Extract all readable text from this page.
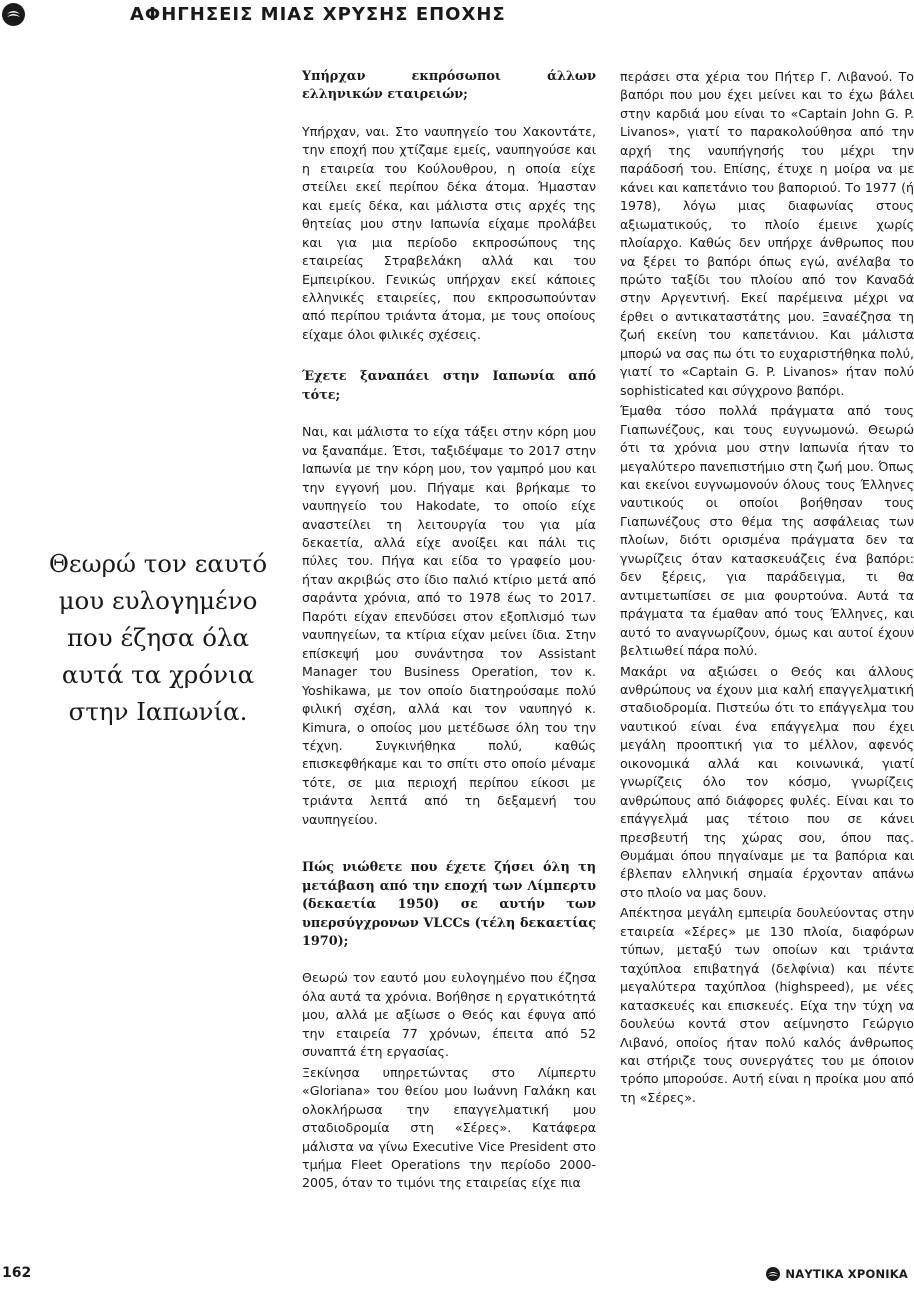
ΑΦΗΓΗΣΕΙΣ ΜΙΑΣ ΧΡΥΣΗΣ ΕΠΟΧΗΣ
Θεωρώ τον εαυτό μου ευλογημένο που έζησα όλα αυτά τα χρόνια στην Ιαπωνία.

Υπήρχαν εκπρόσωποι άλλων ελληνικών εταιρειών;

Υπήρχαν, ναι. Στο ναυπηγείο του Χακοντάτε, την εποχή που χτίζαμε εμείς, ναυπηγούσε και η εταιρεία του Κούλουθρου, η οποία είχε στείλει εκεί περίπου δέκα άτομα. Ήμασταν και εμείς δέκα, και μάλιστα στις αρχές της θητείας μου στην Ιαπωνία είχαμε προλάβει και για μια περίοδο εκπροσώπους της εταιρείας Στραβελάκη αλλά και του Εμπειρίκου. Γενικώς υπήρχαν εκεί κάποιες ελληνικές εταιρείες, που εκπροσωπούνταν από περίπου τριάντα άτομα, με τους οποίους είχαμε όλοι φιλικές σχέσεις.

Έχετε ξαναπάει στην Ιαπωνία από τότε;

Ναι, και μάλιστα το είχα τάξει στην κόρη μου να ξαναπάμε. Έτσι, ταξιδέψαμε το 2017 στην Ιαπωνία με την κόρη μου, τον γαμπρό μου και την εγγονή μου. Πήγαμε και βρήκαμε το ναυπηγείο του Hakodate, το οποίο είχε αναστείλει τη λειτουργία του για μία δεκαετία, αλλά είχε ανοίξει και πάλι τις πύλες του. Πήγα και είδα το γραφείο μου· ήταν ακριβώς στο ίδιο παλιό κτίριο μετά από σαράντα χρόνια, από το 1978 έως το 2017. Παρότι είχαν επενδύσει στον εξοπλισμό των ναυπηγείων, τα κτίρια είχαν μείνει ίδια. Στην επίσκεψή μου συνάντησα τον Assistant Manager του Business Operation, τον κ. Yoshikawa, με τον οποίο διατηρούσαμε πολύ φιλική σχέση, αλλά και τον ναυπηγό κ. Kimura, ο οποίος μου μετέδωσε όλη του την τέχνη. Συγκινήθηκα πολύ, καθώς επισκεφθήκαμε και το σπίτι στο οποίο μέναμε τότε, σε μια περιοχή περίπου είκοσι με τριάντα λεπτά από τη δεξαμενή του ναυπηγείου.

Πώς νιώθετε που έχετε ζήσει όλη τη μετάβαση από την εποχή των Λίμπερτυ (δεκαετία 1950) σε αυτήν των υπερσύγχρονων VLCCs (τέλη δεκαετίας 1970);

Θεωρώ τον εαυτό μου ευλογημένο που έζησα όλα αυτά τα χρόνια. Βοήθησε η εργατικότητά μου, αλλά με αξίωσε ο Θεός και έφυγα από την εταιρεία 77 χρόνων, έπειτα από 52 συναπτά έτη εργασίας.

Ξεκίνησα υπηρετώντας στο Λίμπερτυ «Gloriana» του θείου μου Ιωάννη Γαλάκη και ολοκλήρωσα την επαγγελματική μου σταδιοδρομία στη «Σέρες». Κατάφερα μάλιστα να γίνω Executive Vice President στο τμήμα Fleet Operations την περίοδο 2000-2005, όταν το τιμόνι της εταιρείας είχε πια

περάσει στα χέρια του Πήτερ Γ. Λιβανού. Το βαπόρι που μου έχει μείνει και το έχω βάλει στην καρδιά μου είναι το «Captain John G. P. Livanos», γιατί το παρακολούθησα από την αρχή της ναυπήγησής του μέχρι την παράδοσή του. Επίσης, έτυχε η μοίρα να με κάνει και καπετάνιο του βαποριού. Το 1977 (ή 1978), λόγω μιας διαφωνίας στους αξιωματικούς, το πλοίο έμεινε χωρίς πλοίαρχο. Καθώς δεν υπήρχε άνθρωπος που να ξέρει το βαπόρι όπως εγώ, ανέλαβα το πρώτο ταξίδι του πλοίου από τον Καναδά στην Αργεντινή. Εκεί παρέμεινα μέχρι να έρθει ο αντικαταστάτης μου. Ξαναέζησα τη ζωή εκείνη του καπετάνιου. Και μάλιστα μπορώ να σας πω ότι το ευχαριστήθηκα πολύ, γιατί το «Captain G. P. Livanos» ήταν πολύ sophisticated και σύγχρονο βαπόρι.

Έμαθα τόσο πολλά πράγματα από τους Γιαπωνέζους, και τους ευγνωμονώ. Θεωρώ ότι τα χρόνια μου στην Ιαπωνία ήταν το μεγαλύτερο πανεπιστήμιο στη ζωή μου. Όπως και εκείνοι ευγνωμονούν όλους τους Έλληνες ναυτικούς οι οποίοι βοήθησαν τους Γιαπωνέζους στο θέμα της ασφάλειας των πλοίων, διότι ορισμένα πράγματα δεν τα γνωρίζεις όταν κατασκευάζεις ένα βαπόρι: δεν ξέρεις, για παράδειγμα, τι θα αντιμετωπίσει σε μια φουρτούνα. Αυτά τα πράγματα τα έμαθαν από τους Έλληνες, και αυτό το αναγνωρίζουν, όμως και αυτοί έχουν βελτιωθεί πάρα πολύ.

Μακάρι να αξιώσει ο Θεός και άλλους ανθρώπους να έχουν μια καλή επαγγελματική σταδιοδρομία. Πιστεύω ότι το επάγγελμα του ναυτικού είναι ένα επάγγελμα που έχει μεγάλη προοπτική για το μέλλον, αφενός οικονομικά αλλά και κοινωνικά, γιατί γνωρίζεις όλο τον κόσμο, γνωρίζεις ανθρώπους από διάφορες φυλές. Είναι και το επάγγελμά μας τέτοιο που σε κάνει πρεσβευτή της χώρας σου, όπου πας. Θυμάμαι όπου πηγαίναμε με τα βαπόρια και έβλεπαν ελληνική σημαία έρχονταν απάνω στο πλοίο να μας δουν.

Απέκτησα μεγάλη εμπειρία δουλεύοντας στην εταιρεία «Σέρες» με 130 πλοία, διαφόρων τύπων, μεταξύ των οποίων και τριάντα ταχύπλοα επιβατηγά (δελφίνια) και πέντε μεγαλύτερα ταχύπλοα (highspeed), με νέες κατασκευές και επισκευές. Είχα την τύχη να δουλεύω κοντά στον αείμνηστο Γεώργιο Λιβανό, οποίος ήταν πολύ καλός άνθρωπος και στήριζε τους συνεργάτες του με όποιον τρόπο μπορούσε. Αυτή είναι η προίκα μου από τη «Σέρες».

162	ΝΑΥΤΙΚΑ ΧΡΟΝΙΚΑ
